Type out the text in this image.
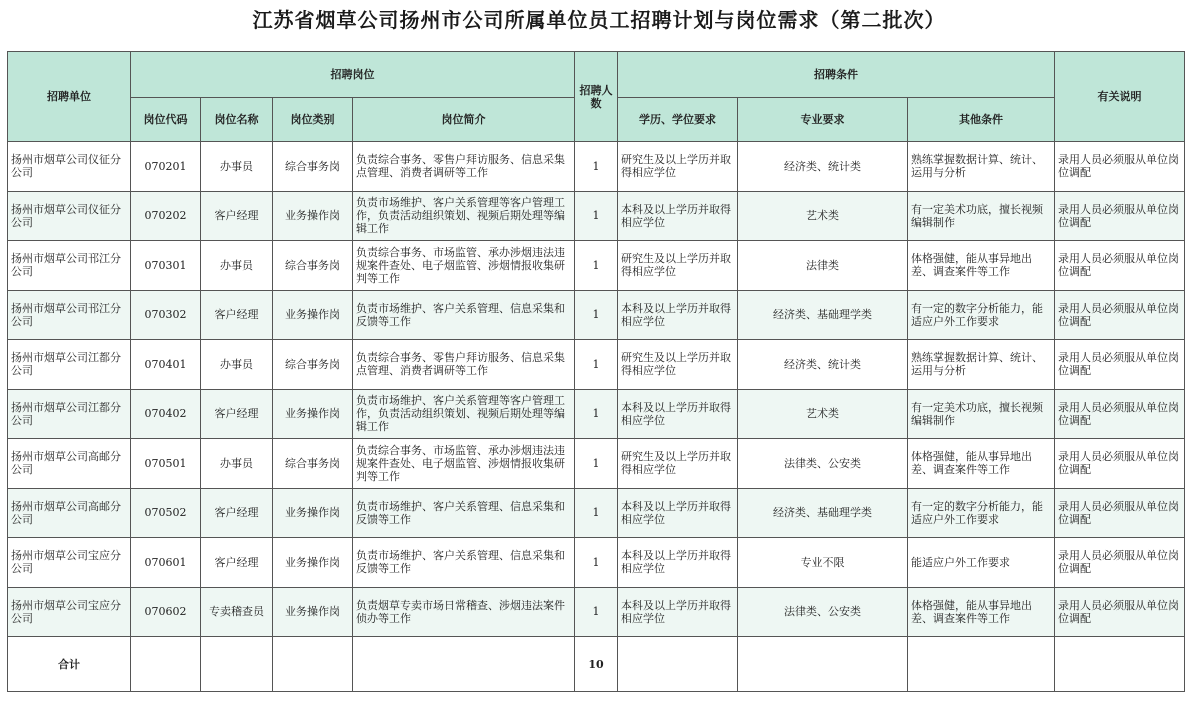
江苏省烟草公司扬州市公司所属单位员工招聘计划与岗位需求（第二批次）
招聘单位	招聘岗位				招聘人数	招聘条件			有关说明
	岗位代码	岗位名称	岗位类别	岗位简介		学历、学位要求	专业要求	其他条件	
扬州市烟草公司仪征分公司	070201	办事员	综合事务岗	负责综合事务、零售户拜访服务、信息采集点管理、消费者调研等工作	1	研究生及以上学历并取得相应学位	经济类、统计类	熟练掌握数据计算、统计、运用与分析	录用人员必须服从单位岗位调配
扬州市烟草公司仪征分公司	070202	客户经理	业务操作岗	负责市场维护、客户关系管理等客户管理工作，负责活动组织策划、视频后期处理等编辑工作	1	本科及以上学历并取得相应学位	艺术类	有一定美术功底，擅长视频编辑制作	录用人员必须服从单位岗位调配
扬州市烟草公司邗江分公司	070301	办事员	综合事务岗	负责综合事务、市场监管、承办涉烟违法违规案件查处、电子烟监管、涉烟情报收集研判等工作	1	研究生及以上学历并取得相应学位	法律类	体格强健，能从事异地出差、调查案件等工作	录用人员必须服从单位岗位调配
扬州市烟草公司邗江分公司	070302	客户经理	业务操作岗	负责市场维护、客户关系管理、信息采集和反馈等工作	1	本科及以上学历并取得相应学位	经济类、基础理学类	有一定的数字分析能力，能适应户外工作要求	录用人员必须服从单位岗位调配
扬州市烟草公司江都分公司	070401	办事员	综合事务岗	负责综合事务、零售户拜访服务、信息采集点管理、消费者调研等工作	1	研究生及以上学历并取得相应学位	经济类、统计类	熟练掌握数据计算、统计、运用与分析	录用人员必须服从单位岗位调配
扬州市烟草公司江都分公司	070402	客户经理	业务操作岗	负责市场维护、客户关系管理等客户管理工作，负责活动组织策划、视频后期处理等编辑工作	1	本科及以上学历并取得相应学位	艺术类	有一定美术功底，擅长视频编辑制作	录用人员必须服从单位岗位调配
扬州市烟草公司高邮分公司	070501	办事员	综合事务岗	负责综合事务、市场监管、承办涉烟违法违规案件查处、电子烟监管、涉烟情报收集研判等工作	1	研究生及以上学历并取得相应学位	法律类、公安类	体格强健，能从事异地出差、调查案件等工作	录用人员必须服从单位岗位调配
扬州市烟草公司高邮分公司	070502	客户经理	业务操作岗	负责市场维护、客户关系管理、信息采集和反馈等工作	1	本科及以上学历并取得相应学位	经济类、基础理学类	有一定的数字分析能力，能适应户外工作要求	录用人员必须服从单位岗位调配
扬州市烟草公司宝应分公司	070601	客户经理	业务操作岗	负责市场维护、客户关系管理、信息采集和反馈等工作	1	本科及以上学历并取得相应学位	专业不限	能适应户外工作要求	录用人员必须服从单位岗位调配
扬州市烟草公司宝应分公司	070602	专卖稽查员	业务操作岗	负责烟草专卖市场日常稽查、涉烟违法案件侦办等工作	1	本科及以上学历并取得相应学位	法律类、公安类	体格强健，能从事异地出差、调查案件等工作	录用人员必须服从单位岗位调配
合计					10				
